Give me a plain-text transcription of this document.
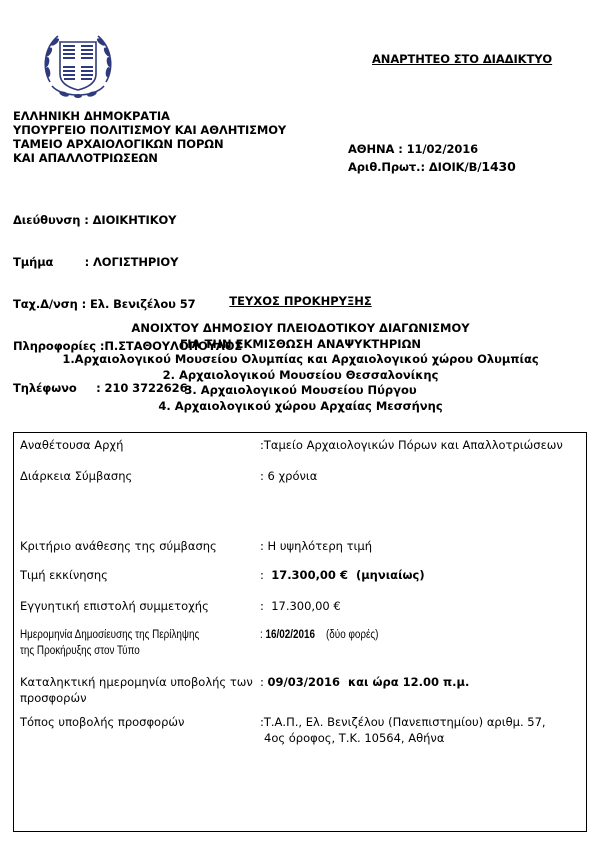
ΑΝΑΡΤΗΤΕΟ ΣΤΟ ΔΙΑΔΙΚΤΥΟ
ΕΛΛΗΝΙΚΗ ΔΗΜΟΚΡΑΤΙΑ
ΥΠΟΥΡΓΕΙΟ ΠΟΛΙΤΙΣΜΟΥ ΚΑΙ ΑΘΛΗΤΙΣΜΟΥ
ΤΑΜΕΙΟ ΑΡΧΑΙΟΛΟΓΙΚΩΝ ΠΟΡΩΝ
ΚΑΙ ΑΠΑΛΛΟΤΡΙΩΣΕΩΝ
ΑΘΗΝΑ : 11/02/2016
Αριθ.Πρωτ.: ΔΙΟΙΚ/Β/1430

Διεύθυνση : ΔΙΟΙΚΗΤΙΚΟΥ

Τμήμα        : ΛΟΓΙΣΤΗΡΙΟΥ

Ταχ.Δ/νση : Ελ. Βενιζέλου 57

Πληροφορίες :Π.ΣΤΑΘΟΥΛΟΠΟΥΛΟΣ

Τηλέφωνο     : 210 3722626

ΤΕΥΧΟΣ ΠΡΟΚΗΡΥΞΗΣ
ΑΝΟΙΧΤΟΥ ΔΗΜΟΣΙΟΥ ΠΛΕΙΟΔΟΤΙΚΟΥ ΔΙΑΓΩΝΙΣΜΟΥ
ΓΙΑ ΤΗΝ ΕΚΜΙΣΘΩΣΗ ΑΝΑΨΥΚΤΗΡΙΩΝ
1.Αρχαιολογικού Μουσείου Ολυμπίας και Αρχαιολογικού χώρου Ολυμπίας
2. Αρχαιολογικού Μουσείου Θεσσαλονίκης
3. Αρχαιολογικού Μουσείου Πύργου
4. Αρχαιολογικού χώρου Αρχαίας Μεσσήνης
Αναθέτουσα Αρχή	:Ταμείο Αρχαιολογικών Πόρων και Απαλλοτριώσεων
Διάρκεια Σύμβασης	: 6 χρόνια
Κριτήριο ανάθεσης της σύμβασης	: Η υψηλότερη τιμή
Τιμή εκκίνησης	:  17.300,00 €  (μηνιαίως)
Εγγυητική επιστολή συμμετοχής	:  17.300,00 €
Ημερομηνία Δημοσίευσης της Περίληψης
της Προκήρυξης στον Τύπο
: 16/02/2016 (δύο φορές)
Καταληκτική ημερομηνία υποβολής των
προσφορών
: 09/03/2016  και ώρα 12.00 π.μ.
Τόπος υποβολής προσφορών	:Τ.Α.Π., Ελ. Βενιζέλου (Πανεπιστημίου) αριθμ. 57,
4ος όροφος, Τ.Κ. 10564, Αθήνα
